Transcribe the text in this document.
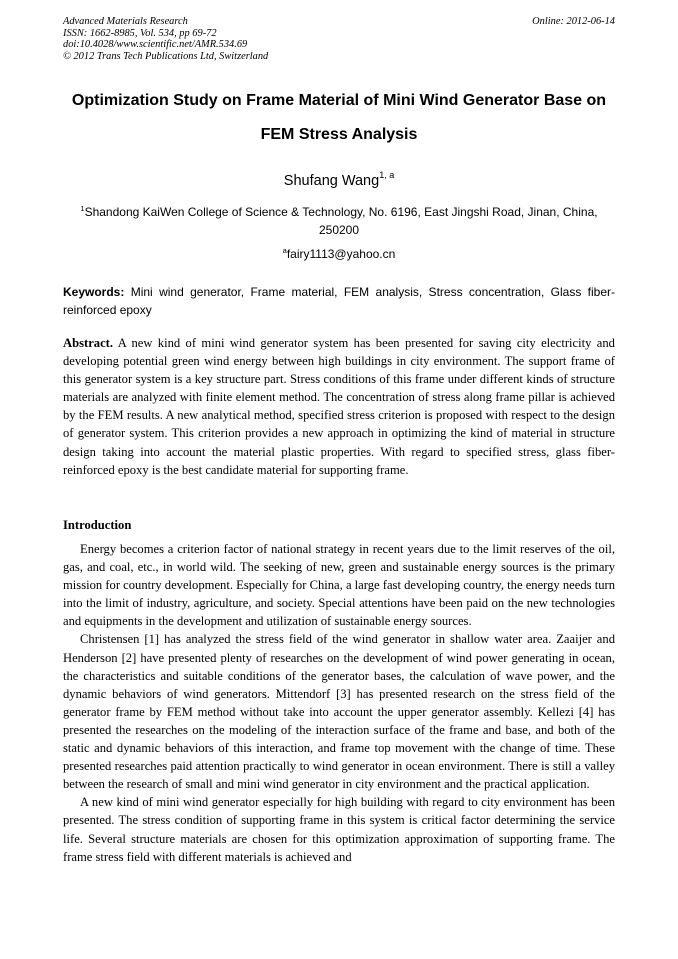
Advanced Materials Research
ISSN: 1662-8985, Vol. 534, pp 69-72
doi:10.4028/www.scientific.net/AMR.534.69
© 2012 Trans Tech Publications Ltd, Switzerland
Online: 2012-06-14
Optimization Study on Frame Material of Mini Wind Generator Base on
FEM Stress Analysis
Shufang Wang$^{1, a}$
$^1$Shandong KaiWen College of Science & Technology, No. 6196, East Jingshi Road, Jinan, China, 250200
$^a$fairy1113@yahoo.cn
Keywords: Mini wind generator, Frame material, FEM analysis, Stress concentration, Glass fiber-reinforced epoxy
Abstract. A new kind of mini wind generator system has been presented for saving city electricity and developing potential green wind energy between high buildings in city environment. The support frame of this generator system is a key structure part. Stress conditions of this frame under different kinds of structure materials are analyzed with finite element method. The concentration of stress along frame pillar is achieved by the FEM results. A new analytical method, specified stress criterion is proposed with respect to the design of generator system. This criterion provides a new approach in optimizing the kind of material in structure design taking into account the material plastic properties. With regard to specified stress, glass fiber-reinforced epoxy is the best candidate material for supporting frame.
Introduction

Energy becomes a criterion factor of national strategy in recent years due to the limit reserves of the oil, gas, and coal, etc., in world wild. The seeking of new, green and sustainable energy sources is the primary mission for country development. Especially for China, a large fast developing country, the energy needs turn into the limit of industry, agriculture, and society. Special attentions have been paid on the new technologies and equipments in the development and utilization of sustainable energy sources.

Christensen [1] has analyzed the stress field of the wind generator in shallow water area. Zaaijer and Henderson [2] have presented plenty of researches on the development of wind power generating in ocean, the characteristics and suitable conditions of the generator bases, the calculation of wave power, and the dynamic behaviors of wind generators. Mittendorf [3] has presented research on the stress field of the generator frame by FEM method without take into account the upper generator assembly. Kellezi [4] has presented the researches on the modeling of the interaction surface of the frame and base, and both of the static and dynamic behaviors of this interaction, and frame top movement with the change of time. These presented researches paid attention practically to wind generator in ocean environment. There is still a valley between the research of small and mini wind generator in city environment and the practical application.

A new kind of mini wind generator especially for high building with regard to city environment has been presented. The stress condition of supporting frame in this system is critical factor determining the service life. Several structure materials are chosen for this optimization approximation of supporting frame. The frame stress field with different materials is achieved and
